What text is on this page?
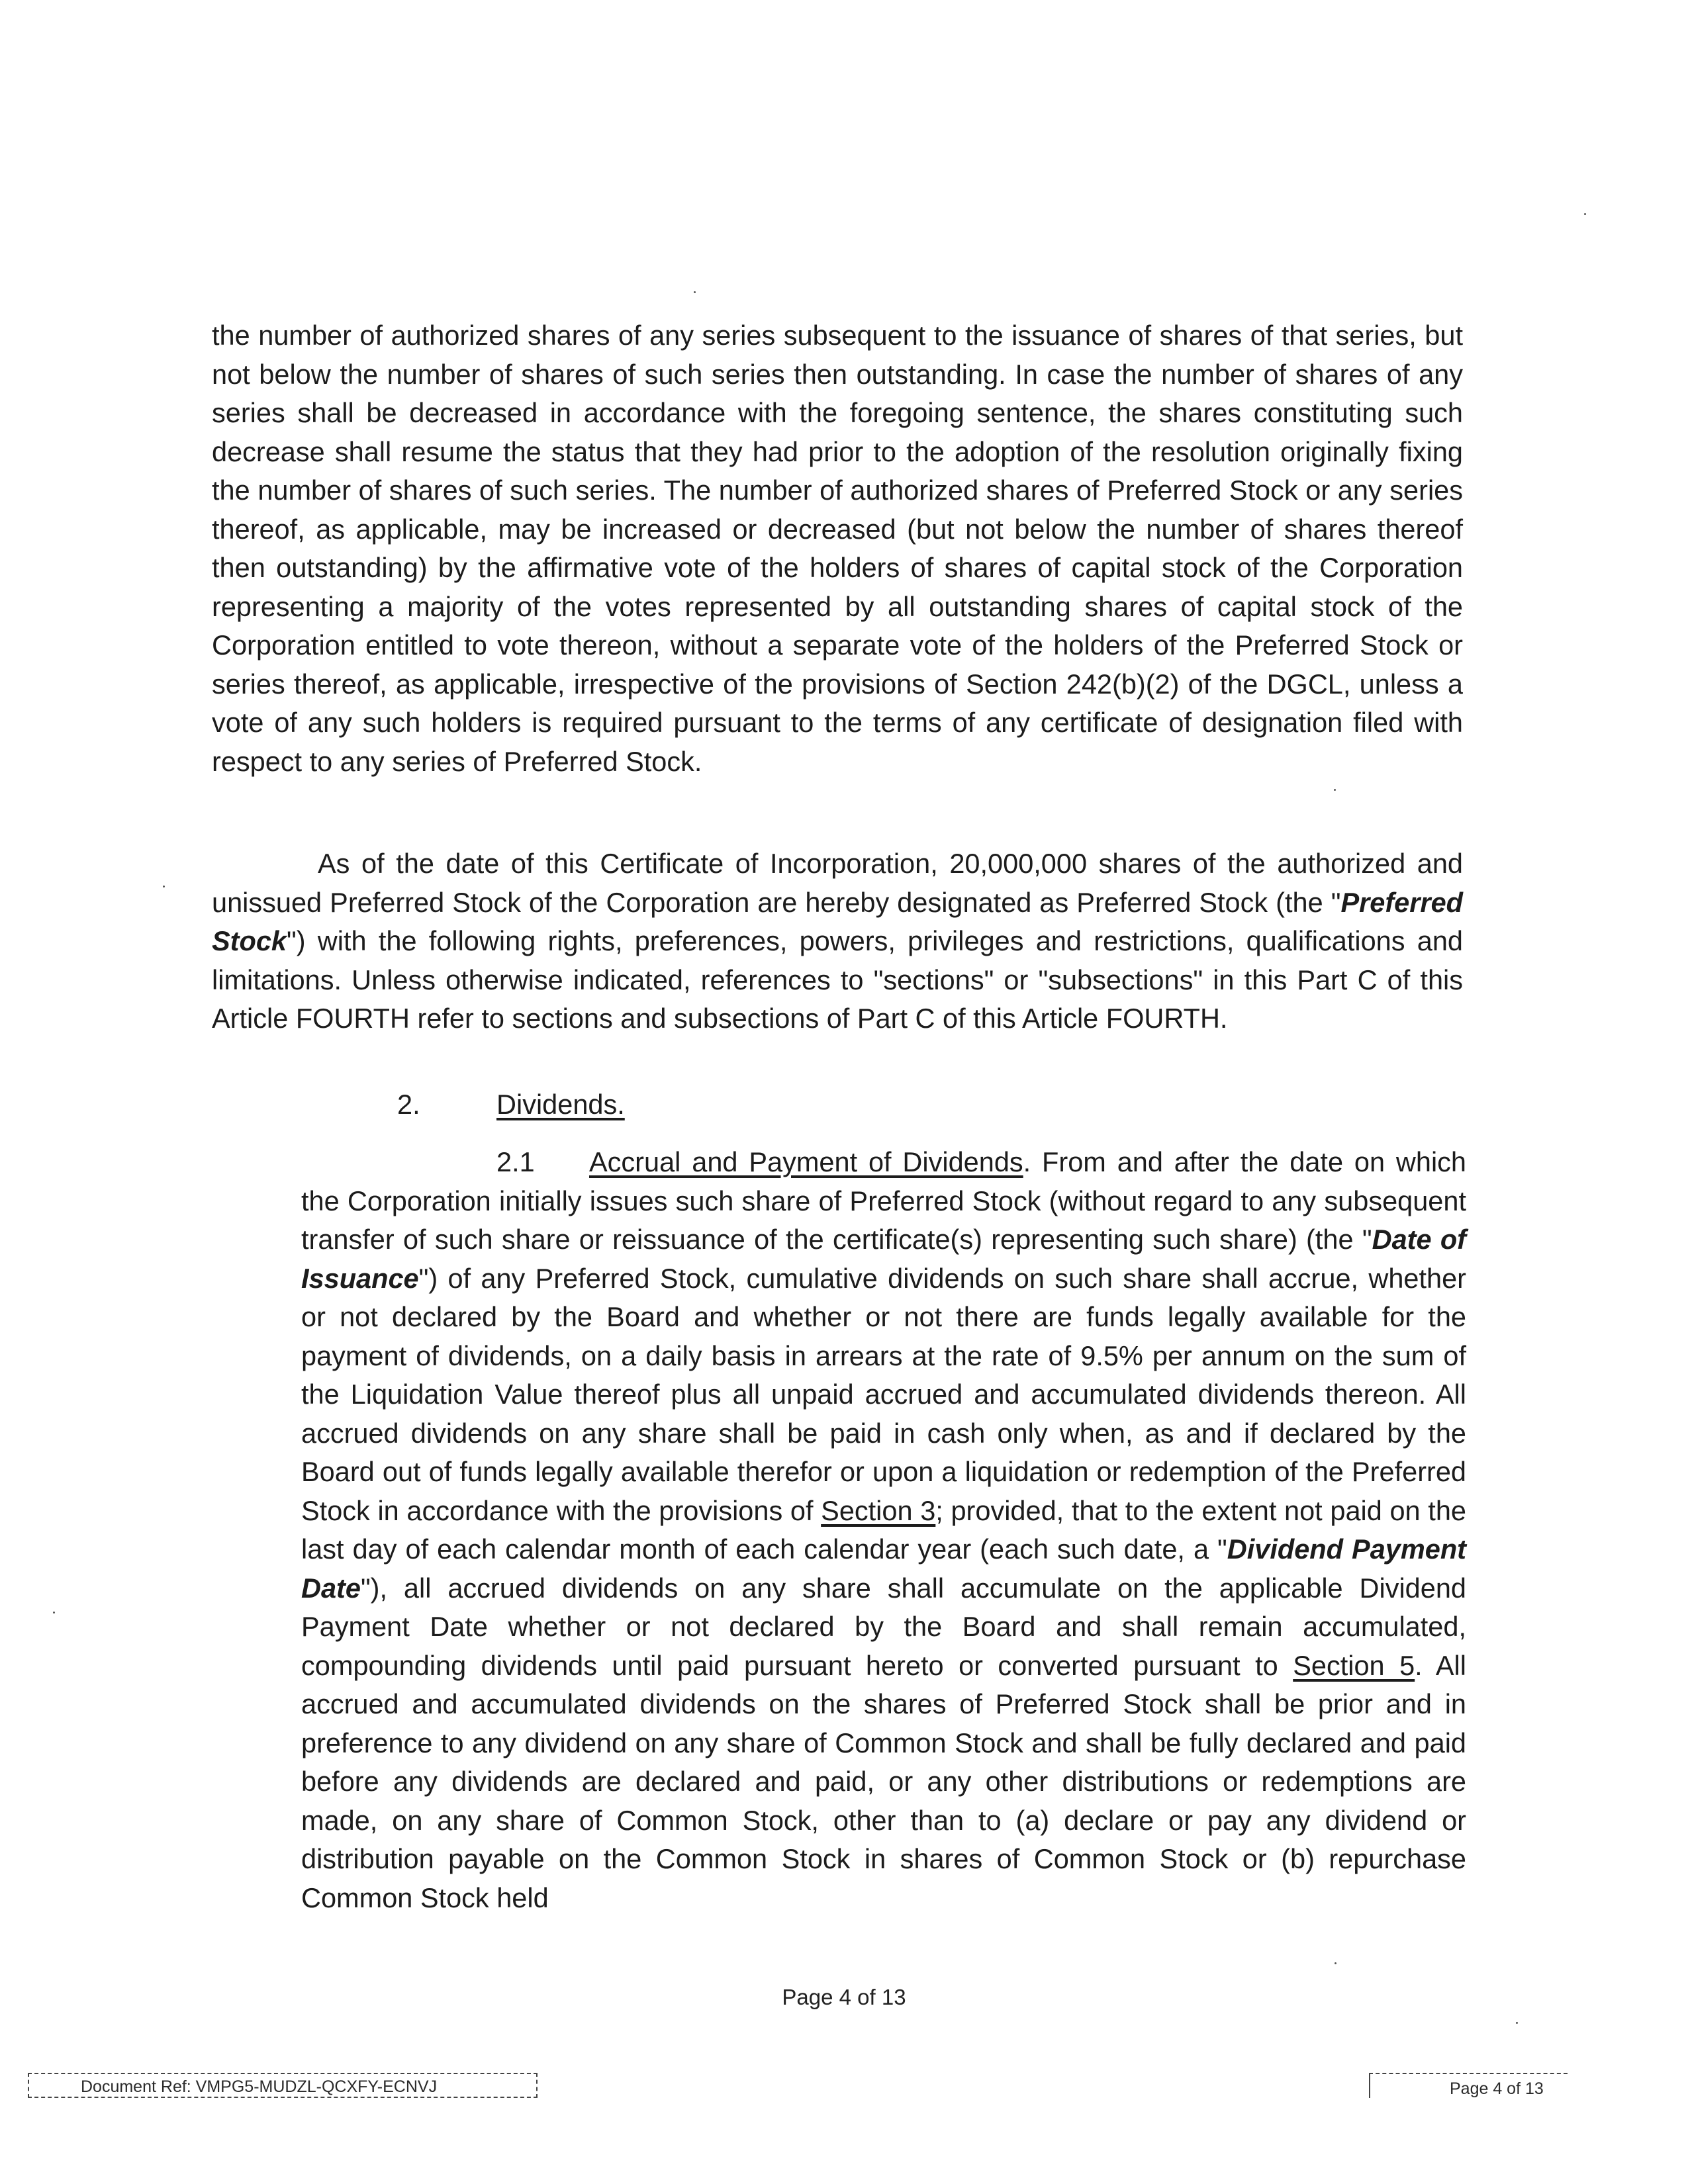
the number of authorized shares of any series subsequent to the issuance of shares of that series, but not below the number of shares of such series then outstanding. In case the number of shares of any series shall be decreased in accordance with the foregoing sentence, the shares constituting such decrease shall resume the status that they had prior to the adoption of the resolution originally fixing the number of shares of such series. The number of authorized shares of Preferred Stock or any series thereof, as applicable, may be increased or decreased (but not below the number of shares thereof then outstanding) by the affirmative vote of the holders of shares of capital stock of the Corporation representing a majority of the votes represented by all outstanding shares of capital stock of the Corporation entitled to vote thereon, without a separate vote of the holders of the Preferred Stock or series thereof, as applicable, irrespective of the provisions of Section 242(b)(2) of the DGCL, unless a vote of any such holders is required pursuant to the terms of any certificate of designation filed with respect to any series of Preferred Stock.

As of the date of this Certificate of Incorporation, 20,000,000 shares of the authorized and unissued Preferred Stock of the Corporation are hereby designated as Preferred Stock (the "Preferred Stock") with the following rights, preferences, powers, privileges and restrictions, qualifications and limitations. Unless otherwise indicated, references to "sections" or "subsections" in this Part C of this Article FOURTH refer to sections and subsections of Part C of this Article FOURTH.

2.	Dividends.

2.1 Accrual and Payment of Dividends. From and after the date on which the Corporation initially issues such share of Preferred Stock (without regard to any subsequent transfer of such share or reissuance of the certificate(s) representing such share) (the "Date of Issuance") of any Preferred Stock, cumulative dividends on such share shall accrue, whether or not declared by the Board and whether or not there are funds legally available for the payment of dividends, on a daily basis in arrears at the rate of 9.5% per annum on the sum of the Liquidation Value thereof plus all unpaid accrued and accumulated dividends thereon. All accrued dividends on any share shall be paid in cash only when, as and if declared by the Board out of funds legally available therefor or upon a liquidation or redemption of the Preferred Stock in accordance with the provisions of Section 3; provided, that to the extent not paid on the last day of each calendar month of each calendar year (each such date, a "Dividend Payment Date"), all accrued dividends on any share shall accumulate on the applicable Dividend Payment Date whether or not declared by the Board and shall remain accumulated, compounding dividends until paid pursuant hereto or converted pursuant to Section 5. All accrued and accumulated dividends on the shares of Preferred Stock shall be prior and in preference to any dividend on any share of Common Stock and shall be fully declared and paid before any dividends are declared and paid, or any other distributions or redemptions are made, on any share of Common Stock, other than to (a) declare or pay any dividend or distribution payable on the Common Stock in shares of Common Stock or (b) repurchase Common Stock held

Page 4 of 13
Document Ref: VMPG5-MUDZL-QCXFY-ECNVJ	Page 4 of 13
